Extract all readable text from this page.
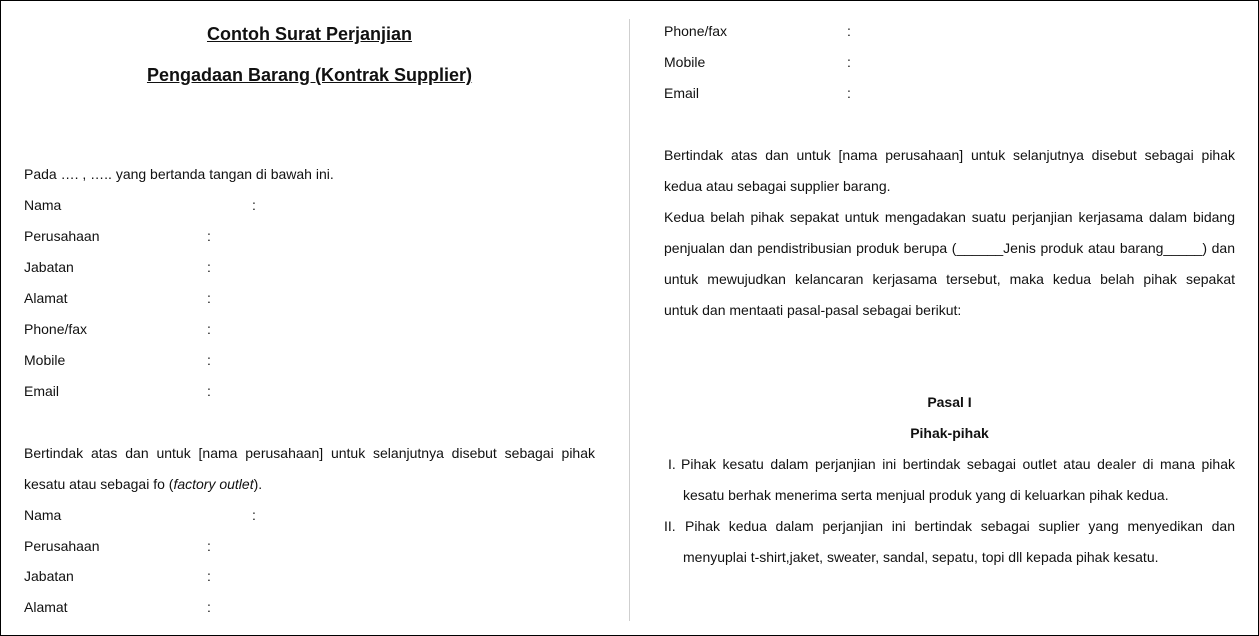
Contoh Surat Perjanjian
Pengadaan Barang (Kontrak Supplier)
Pada …. , ….. yang bertanda tangan di bawah ini.
Nama	:
Perusahaan	:
Jabatan	:
Alamat	:
Phone/fax	:
Mobile	:
Email	:
Bertindak atas dan untuk [nama perusahaan] untuk selanjutnya disebut sebagai pihak
kesatu atau sebagai fo (factory outlet).
Nama	:
Perusahaan	:
Jabatan	:
Alamat	:
Phone/fax	:
Mobile	:
Email	:
Bertindak atas dan untuk [nama perusahaan] untuk selanjutnya disebut sebagai pihak
kedua atau sebagai supplier barang.
Kedua belah pihak sepakat untuk mengadakan suatu perjanjian kerjasama dalam bidang
penjualan dan pendistribusian produk berupa (______Jenis produk atau barang_____) dan
untuk mewujudkan kelancaran kerjasama tersebut, maka kedua belah pihak sepakat
untuk dan mentaati pasal-pasal sebagai berikut:
Pasal I
Pihak-pihak
I. Pihak kesatu dalam perjanjian ini bertindak sebagai outlet atau dealer di mana pihak
kesatu berhak menerima serta menjual produk yang di keluarkan pihak kedua.
II. Pihak kedua dalam perjanjian ini bertindak sebagai suplier yang menyedikan dan
menyuplai t-shirt,jaket, sweater, sandal, sepatu, topi dll kepada pihak kesatu.
